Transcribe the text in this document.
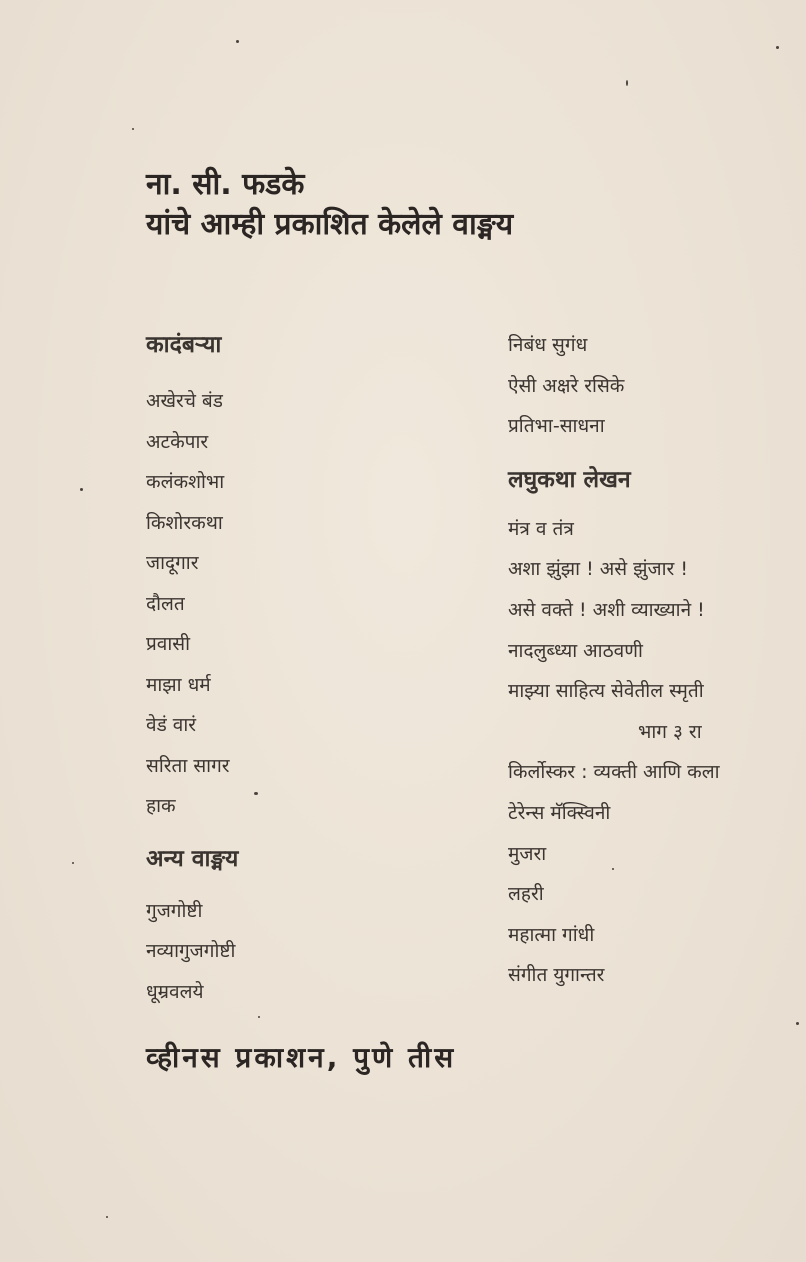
ना. सी. फडके
यांचे आम्ही प्रकाशित केलेले वाङ्मय
कादंबऱ्या
अखेरचे बंड
अटकेपार
कलंकशोभा
किशोरकथा
जादूगार
दौलत
प्रवासी
माझा धर्म
वेडं वारं
सरिता सागर
हाक
अन्य वाङ्मय
गुजगोष्टी
नव्यागुजगोष्टी
धूम्रवलये
निबंध सुगंध
ऐसी अक्षरे रसिके
प्रतिभा-साधना
लघुकथा लेखन
मंत्र व तंत्र
अशा झुंझा ! असे झुंजार !
असे वक्ते ! अशी व्याख्याने !
नादलुब्ध्या आठवणी
माझ्या साहित्य सेवेतील स्मृती
भाग ३ रा
किर्लोस्कर : व्यक्ती आणि कला
टेरेन्स मॅक्स्विनी
मुजरा
लहरी
महात्मा गांधी
संगीत युगान्तर
व्हीनस प्रकाशन, पुणे तीस
